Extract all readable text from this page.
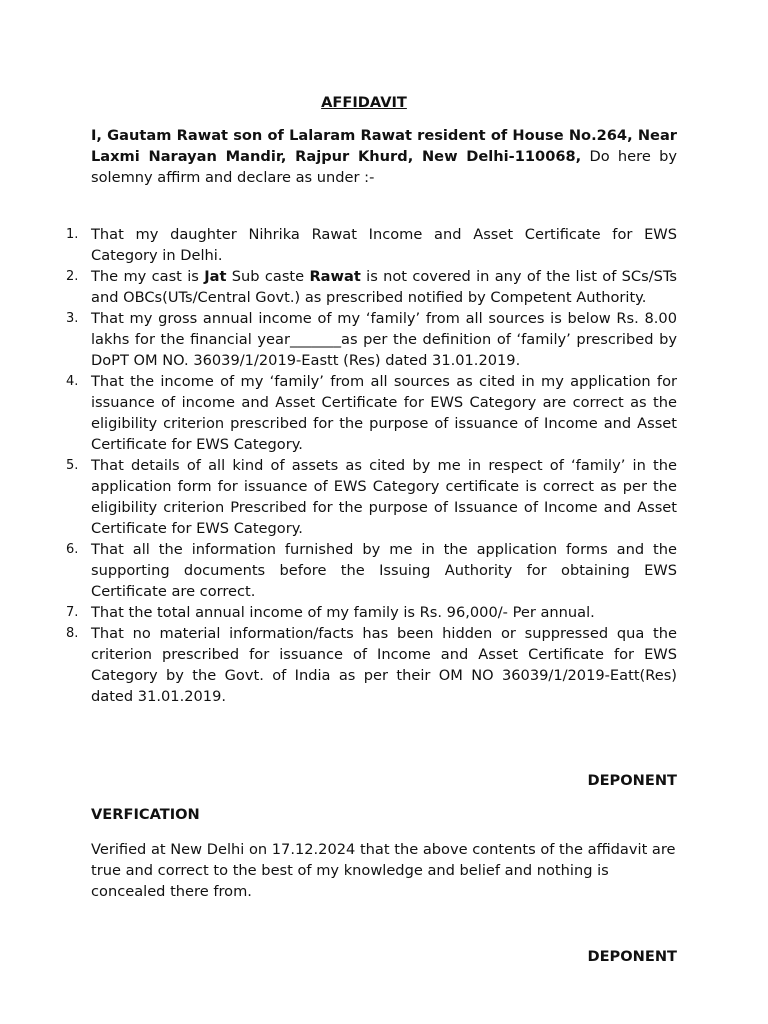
AFFIDAVIT

I, Gautam Rawat son of Lalaram Rawat resident of House No.264, Near Laxmi Narayan Mandir, Rajpur Khurd, New Delhi-110068, Do here by solemny affirm and declare as under :-

1. That my daughter Nihrika Rawat Income and Asset Certificate for EWS Category in Delhi.
2. The my cast is Jat Sub caste Rawat is not covered in any of the list of SCs/STs and OBCs(UTs/Central Govt.) as prescribed notified by Competent Authority.
3. That my gross annual income of my ‘family’ from all sources is below Rs. 8.00 lakhs for the financial year_______as per the definition of ‘family’ prescribed by DoPT OM NO. 36039/1/2019-Eastt (Res) dated 31.01.2019.
4. That the income of my ‘family’ from all sources as cited in my application for issuance of income and Asset Certificate for EWS Category are correct as the eligibility criterion prescribed for the purpose of issuance of Income and Asset Certificate for EWS Category.
5. That details of all kind of assets as cited by me in respect of ‘family’ in the application form for issuance of EWS Category certificate is correct as per the eligibility criterion Prescribed for the purpose of Issuance of Income and Asset Certificate for EWS Category.
6. That all the information furnished by me in the application forms and the supporting documents before the Issuing Authority for obtaining EWS Certificate are correct.
7. That the total annual income of my family is Rs. 96,000/- Per annual.
8. That no material information/facts has been hidden or suppressed qua the criterion prescribed for issuance of Income and Asset Certificate for EWS Category by the Govt. of India as per their OM NO 36039/1/2019-Eatt(Res) dated 31.01.2019.
DEPONENT
VERFICATION

Verified at New Delhi on 17.12.2024 that the above contents of the affidavit are true and correct to the best of my knowledge and belief and nothing is concealed there from.

DEPONENT
